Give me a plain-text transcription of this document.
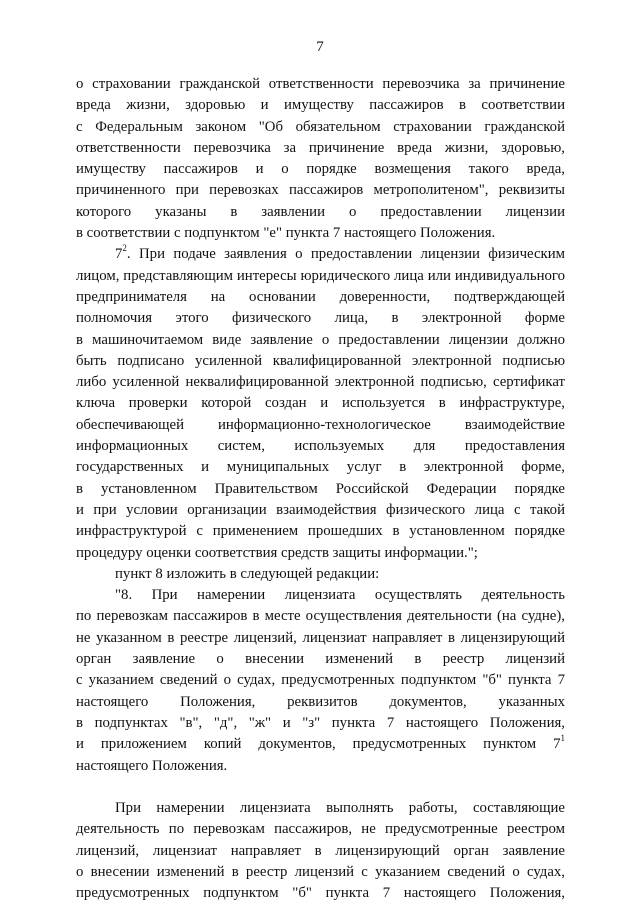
7
о страховании гражданской ответственности перевозчика за причинение
вреда жизни, здоровью и имуществу пассажиров в соответствии
с Федеральным законом "Об обязательном страховании гражданской
ответственности перевозчика за причинение вреда жизни, здоровью,
имуществу пассажиров и о порядке возмещения такого вреда,
причиненного при перевозках пассажиров метрополитеном", реквизиты
которого указаны в заявлении о предоставлении лицензии
в соответствии с подпунктом "е" пункта 7 настоящего Положения.
$7^2$. При подаче заявления о предоставлении лицензии физическим
лицом, представляющим интересы юридического лица или индивидуального
предпринимателя на основании доверенности, подтверждающей
полномочия этого физического лица, в электронной форме
в машиночитаемом виде заявление о предоставлении лицензии должно
быть подписано усиленной квалифицированной электронной подписью
либо усиленной неквалифицированной электронной подписью, сертификат
ключа проверки которой создан и используется в инфраструктуре,
обеспечивающей информационно-технологическое взаимодействие
информационных систем, используемых для предоставления
государственных и муниципальных услуг в электронной форме,
в установленном Правительством Российской Федерации порядке
и при условии организации взаимодействия физического лица с такой
инфраструктурой с применением прошедших в установленном порядке
процедуру оценки соответствия средств защиты информации.";
пункт 8 изложить в следующей редакции:
"8. При намерении лицензиата осуществлять деятельность
по перевозкам пассажиров в месте осуществления деятельности (на судне),
не указанном в реестре лицензий, лицензиат направляет в лицензирующий
орган заявление о внесении изменений в реестр лицензий
с указанием сведений о судах, предусмотренных подпунктом "б" пункта 7
настоящего Положения, реквизитов документов, указанных
в подпунктах "в", "д", "ж" и "з" пункта 7 настоящего Положения,
и приложением копий документов, предусмотренных пунктом $7^1$
настоящего Положения.
При намерении лицензиата выполнять работы, составляющие
деятельность по перевозкам пассажиров, не предусмотренные реестром
лицензий, лицензиат направляет в лицензирующий орган заявление
о внесении изменений в реестр лицензий с указанием сведений о судах,
предусмотренных подпунктом "б" пункта 7 настоящего Положения,
